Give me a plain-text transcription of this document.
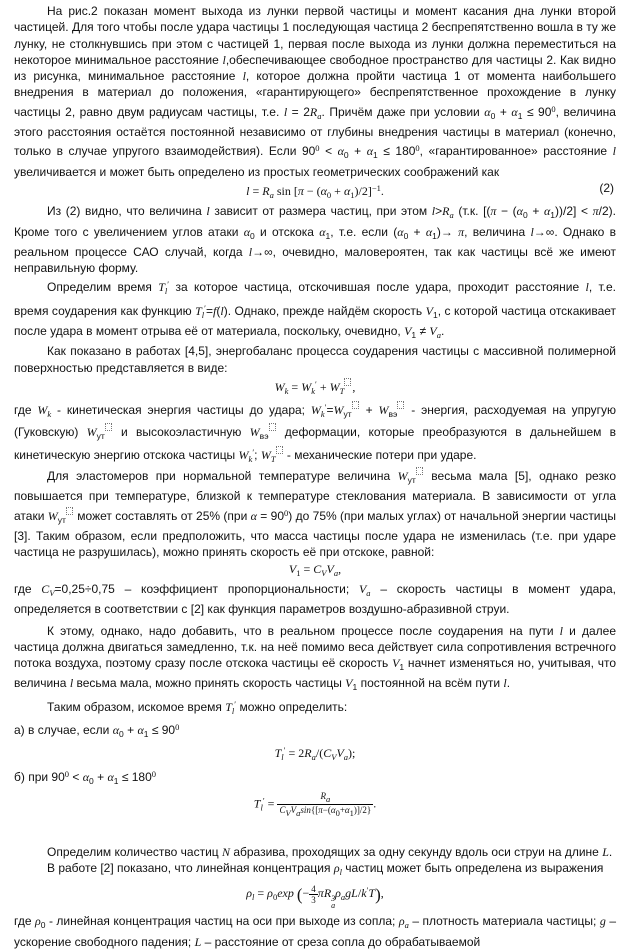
На рис.2 показан момент выхода из лунки первой частицы и момент касания дна лунки второй частицей. Для того чтобы после удара частицы 1 последующая частица 2 беспрепятственно вошла в ту же лунку, не столкнувшись при этом с частицей 1, первая после выхода из лунки должна переместиться на некоторое минимальное расстояние l,обеспечивающее свободное пространство для частицы 2. Как видно из рисунка, минимальное расстояние l, которое должна пройти частица 1 от момента наибольшего внедрения в материал до положения, «гарантирующего» беспрепятственное прохождение в лунку частицы 2, равно двум радиусам частицы, т.е. $l = 2R_a$. Причём даже при условии $\alpha_0 + \alpha_1 \le 90^0$, величина этого расстояния остаётся постоянной независимо от глубины внедрения частицы в материал (конечно, только в случае упругого взаимодействия). Если $90^0 < \alpha_0 + \alpha_1 \le 180^0$, «гарантированное» расстояние l увеличивается и может быть определено из простых геометрических соображений как
$l = R_a$ $\sin [\pi - (\alpha_0 + \alpha_1)/2]^{-1}$.	(2)
Из (2) видно, что величина l зависит от размера частиц, при этом $l>R_a$ (т.к. $[(\pi - (\alpha_0 + \alpha_1))/2] < \pi/2$). Кроме того с увеличением углов атаки $\alpha_0$ и отскока $\alpha_1$, т.е. если $(\alpha_0 + \alpha_1)\to \pi$, величина l→∞. Однако в реальном процессе САО случай, когда l→∞, очевидно, маловероятен, так как частицы всё же имеют неправильную форму.
Определим время $T_l'$ за которое частица, отскочившая после удара, проходит расстояние l, т.е. время соударения как функцию $T_l'=f(l)$. Однако, прежде найдём скорость $V_1$, с которой частица отскакивает после удара в момент отрыва её от материала, поскольку, очевидно, $V_1 \ne V_a$.
Как показано в работах [4,5], энергобаланс процесса соударения частицы с массивной полимерной поверхностью представляется в виде:
$W_k = W_k' + W_T$ ,
где $W_k$ - кинетическая энергия частицы до удара; $W_k'=W_{ут} + W_{вэ}$ - энергия, расходуемая на упругую (Гуковскую) $W_{ут}$ и высокоэластичную $W_{вэ}$ деформации, которые преобразуются в дальнейшем в кинетическую энергию отскока частицы $W_k'$; $W_T$ - механические потери при ударе.
Для эластомеров при нормальной температуре величина $W_{ут}$ весьма мала [5], однако резко повышается при температуре, близкой к температуре стеклования материала. В зависимости от угла атаки $W_{ут}$ может составлять от 25% (при $\alpha = 90^0$) до 75% (при малых углах) от начальной энергии частицы [3]. Таким образом, если предположить, что масса частицы после удара не изменилась (т.е. при ударе частица не разрушилась), можно принять скорость её при отскоке, равной:
$V_1 = C_VV_a$,
где $C_V=0,25\div 0,75$ – коэффициент пропорциональности; $V_a$ – скорость частицы в момент удара, определяется в соответствии с [2] как функция параметров воздушно-абразивной струи.
К этому, однако, надо добавить, что в реальном процессе после соударения на пути l и далее частица должна двигаться замедленно, т.к. на неё помимо веса действует сила сопротивления встречного потока воздуха, поэтому сразу после отскока частицы её скорость $V_1$ начнет изменяться но, учитывая, что величина l весьма мала, можно принять скорость частицы $V_1$ постоянной на всём пути l.
Таким образом, искомое время $T_l'$ можно определить:
а) в случае, если $\alpha_0 + \alpha_1 \le 90^0$
$T_l' = 2R_a/(C_VV_a)$;
б) при $90^0 < \alpha_0 + \alpha_1 \le 180^0$
$T_l' = \frac{Ra}{\text{CVVasin\{[π−(α0+α1)]/2\}}}$ .
Определим количество частиц N абразива, проходящих за одну секунду вдоль оси струи на длине L.
В работе [2] показано, что линейная концентрация $\rho_l$ частиц может быть определена из выражения
$\rho_l = \rho_0\exp$ (− $\frac{4}{3}$ πR 3
a
$\rho_agL/k'T$),
где $\rho_0$ - линейная концентрация частиц на оси при выходе из сопла; $\rho_a$ – плотность материала частицы; g – ускорение свободного падения; L – расстояние от среза сопла до обрабатываемой
